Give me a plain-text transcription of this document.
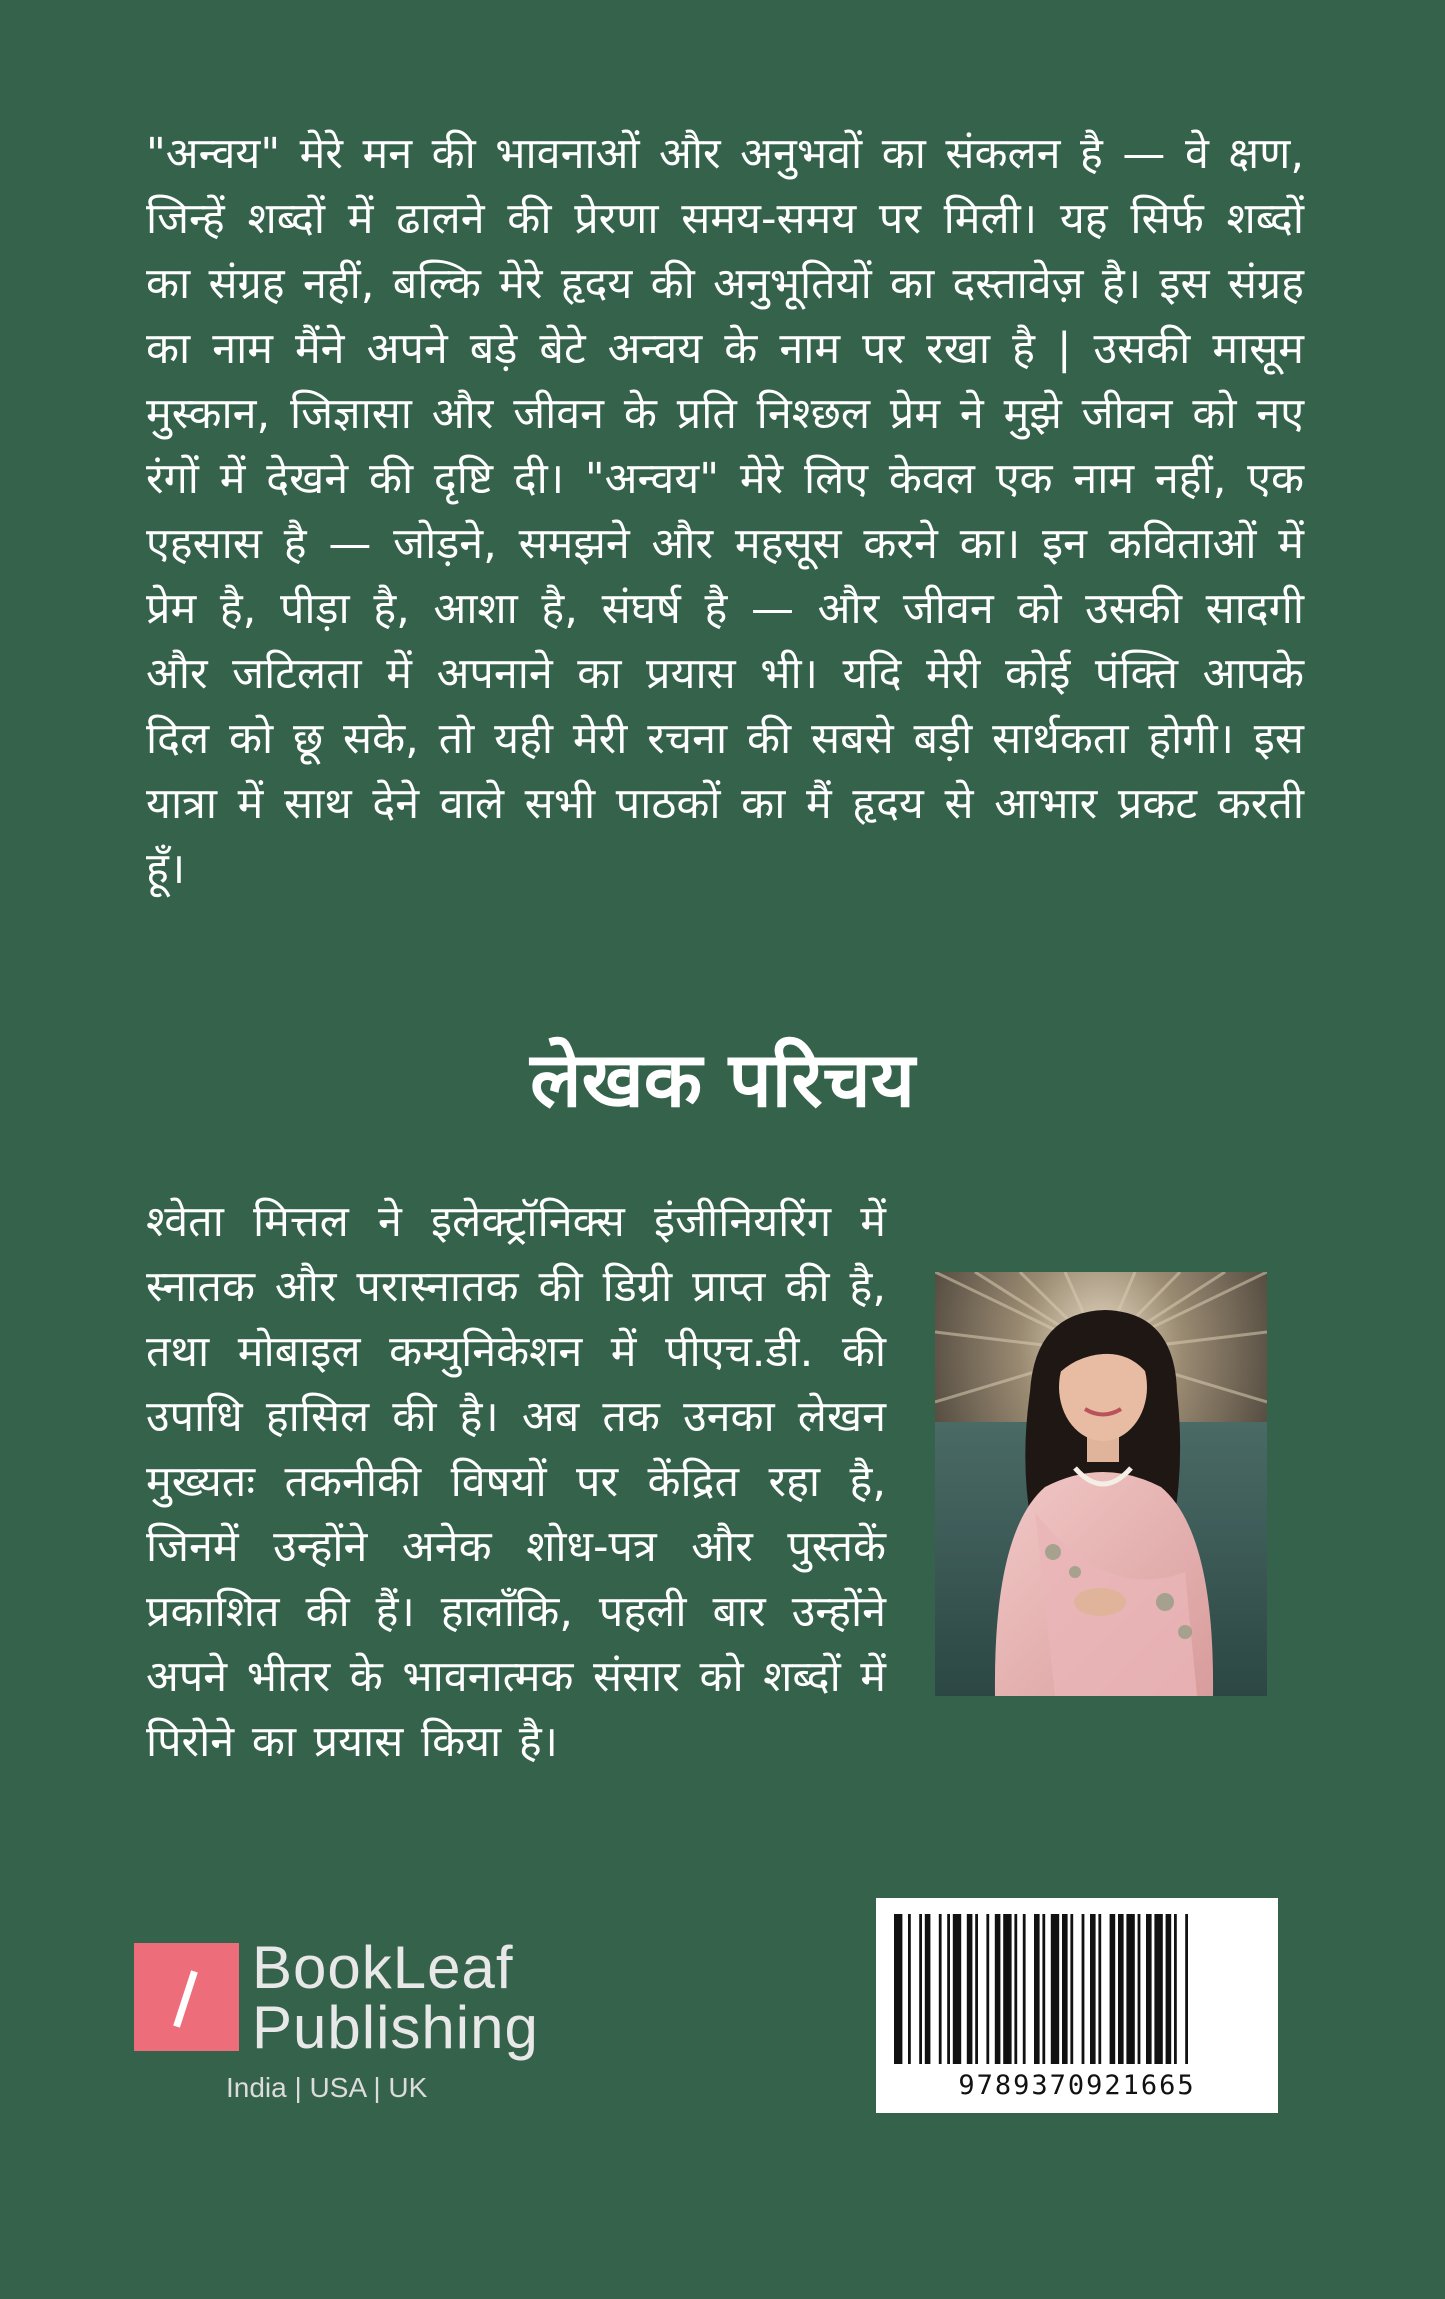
"अन्वय" मेरे मन की भावनाओं और अनुभवों का संकलन है — वे क्षण, जिन्हें शब्दों में ढालने की प्रेरणा समय-समय पर मिली। यह सिर्फ शब्दों का संग्रह नहीं, बल्कि मेरे हृदय की अनुभूतियों का दस्तावेज़ है। इस संग्रह का नाम मैंने अपने बड़े बेटे अन्वय के नाम पर रखा है | उसकी मासूम मुस्कान, जिज्ञासा और जीवन के प्रति निश्छल प्रेम ने मुझे जीवन को नए रंगों में देखने की दृष्टि दी। "अन्वय" मेरे लिए केवल एक नाम नहीं, एक एहसास है — जोड़ने, समझने और महसूस करने का। इन कविताओं में प्रेम है, पीड़ा है, आशा है, संघर्ष है — और जीवन को उसकी सादगी और जटिलता में अपनाने का प्रयास भी। यदि मेरी कोई पंक्ति आपके दिल को छू सके, तो यही मेरी रचना की सबसे बड़ी सार्थकता होगी। इस यात्रा में साथ देने वाले सभी पाठकों का मैं हृदय से आभार प्रकट करती हूँ।

लेखक परिचय

श्वेता मित्तल ने इलेक्ट्रॉनिक्स इंजीनियरिंग में स्नातक और परास्नातक की डिग्री प्राप्त की है, तथा मोबाइल कम्युनिकेशन में पीएच.डी. की उपाधि हासिल की है। अब तक उनका लेखन मुख्यतः तकनीकी विषयों पर केंद्रित रहा है, जिनमें उन्होंने अनेक शोध-पत्र और पुस्तकें प्रकाशित की हैं। हालाँकि, पहली बार उन्होंने अपने भीतर के भावनात्मक संसार को शब्दों में पिरोने का प्रयास किया है।

BookLeaf
Publishing
India | USA | UK	9789370921665
